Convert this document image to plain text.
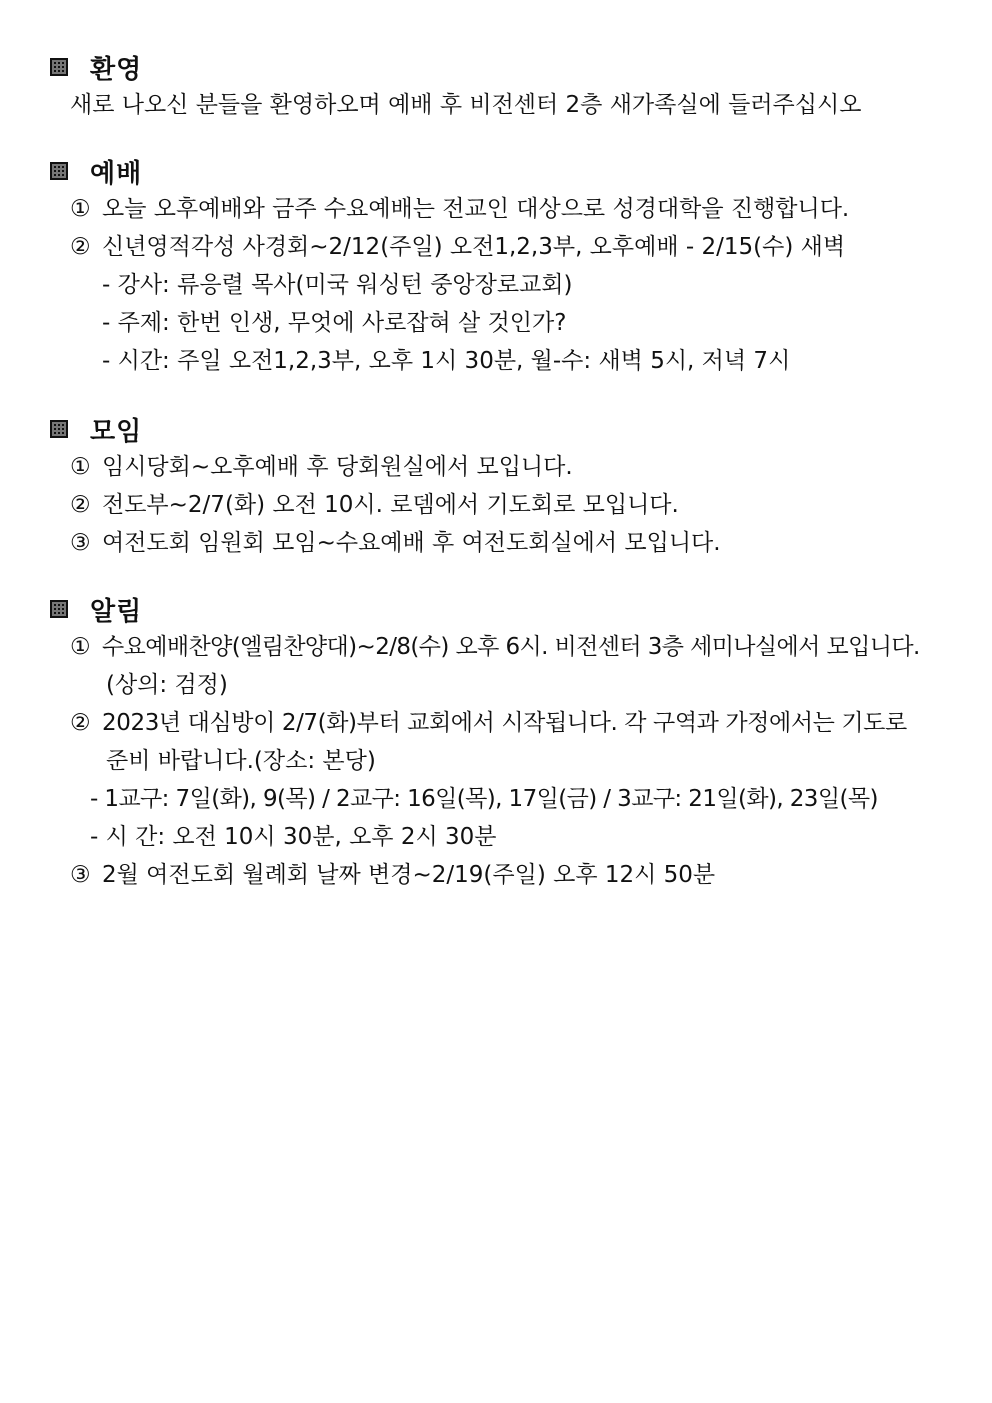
환영
새로 나오신 분들을 환영하오며 예배 후 비전센터 2층 새가족실에 들러주십시오
예배
① 오늘 오후예배와 금주 수요예배는 전교인 대상으로 성경대학을 진행합니다.
② 신년영적각성 사경회~2/12(주일) 오전1,2,3부, 오후예배 - 2/15(수) 새벽
- 강사: 류응렬 목사(미국 워싱턴 중앙장로교회)
- 주제: 한번 인생, 무엇에 사로잡혀 살 것인가?
- 시간: 주일 오전1,2,3부, 오후 1시 30분, 월-수: 새벽 5시, 저녁 7시
모임
① 임시당회~오후예배 후 당회원실에서 모입니다.
② 전도부~2/7(화) 오전 10시. 로뎀에서 기도회로 모입니다.
③ 여전도회 임원회 모임~수요예배 후 여전도회실에서 모입니다.
알림
① 수요예배찬양(엘림찬양대)~2/8(수) 오후 6시. 비전센터 3층 세미나실에서 모입니다.
(상의: 검정)
② 2023년 대심방이 2/7(화)부터 교회에서 시작됩니다. 각 구역과 가정에서는 기도로
준비 바랍니다.(장소: 본당)
- 1교구: 7일(화), 9(목) / 2교구: 16일(목), 17일(금) / 3교구: 21일(화), 23일(목)
- 시 간: 오전 10시 30분, 오후 2시 30분
③ 2월 여전도회 월례회 날짜 변경~2/19(주일) 오후 12시 50분
